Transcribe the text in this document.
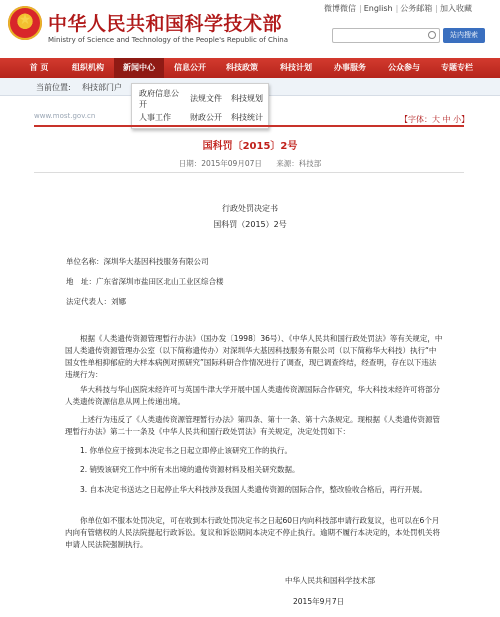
★ 中华人民共和国科学技术部
Ministry of Science and Technology of the People's Republic of China
微博微信 | English | 公务邮箱 | 加入收藏
站内搜索
首 页	组织机构	新闻中心	信息公开	科技政策	科技计划	办事服务	公众参与	专题专栏
当前位置: 科技部门户
政府信息公开
法规文件 科技规划
人事工作 财政公开 科技统计
www.most.gov.cn	【字体：大 中 小】
国科罚〔2015〕2号
日期：2015年09月07日 来源：科技部
行政处罚决定书
国科罚（2015）2号
单位名称：深圳华大基因科技服务有限公司
地　址：广东省深圳市盐田区北山工业区综合楼
法定代表人：刘娜
根据《人类遗传资源管理暂行办法》（国办发〔1998〕36号）、《中华人民共和国行政处罚法》等有关规定，中国人类遗传资源管理办公室（以下简称遗传办）对深圳华大基因科技服务有限公司（以下简称华大科技）执行“中国女性单相抑郁症的大样本病例对照研究”国际科研合作情况进行了调查，现已调查终结，经查明，存在以下违法违规行为：
华大科技与华山医院未经许可与英国牛津大学开展中国人类遗传资源国际合作研究，华大科技未经许可将部分人类遗传资源信息从网上传递出境。
上述行为违反了《人类遗传资源管理暂行办法》第四条、第十一条、第十六条规定。现根据《人类遗传资源管理暂行办法》第二十一条及《中华人民共和国行政处罚法》有关规定，决定处罚如下：
1. 你单位应于接到本决定书之日起立即停止该研究工作的执行。
2. 销毁该研究工作中所有未出境的遗传资源材料及相关研究数据。
3. 自本决定书送达之日起停止华大科技涉及我国人类遗传资源的国际合作，整改验收合格后，再行开展。
你单位如不服本处罚决定，可在收到本行政处罚决定书之日起60日内向科技部申请行政复议，也可以在6个月内向有管辖权的人民法院提起行政诉讼。复议和诉讼期间本决定不停止执行。逾期不履行本决定的，本处罚机关将申请人民法院强制执行。
中华人民共和国科学技术部
2015年9月7日
